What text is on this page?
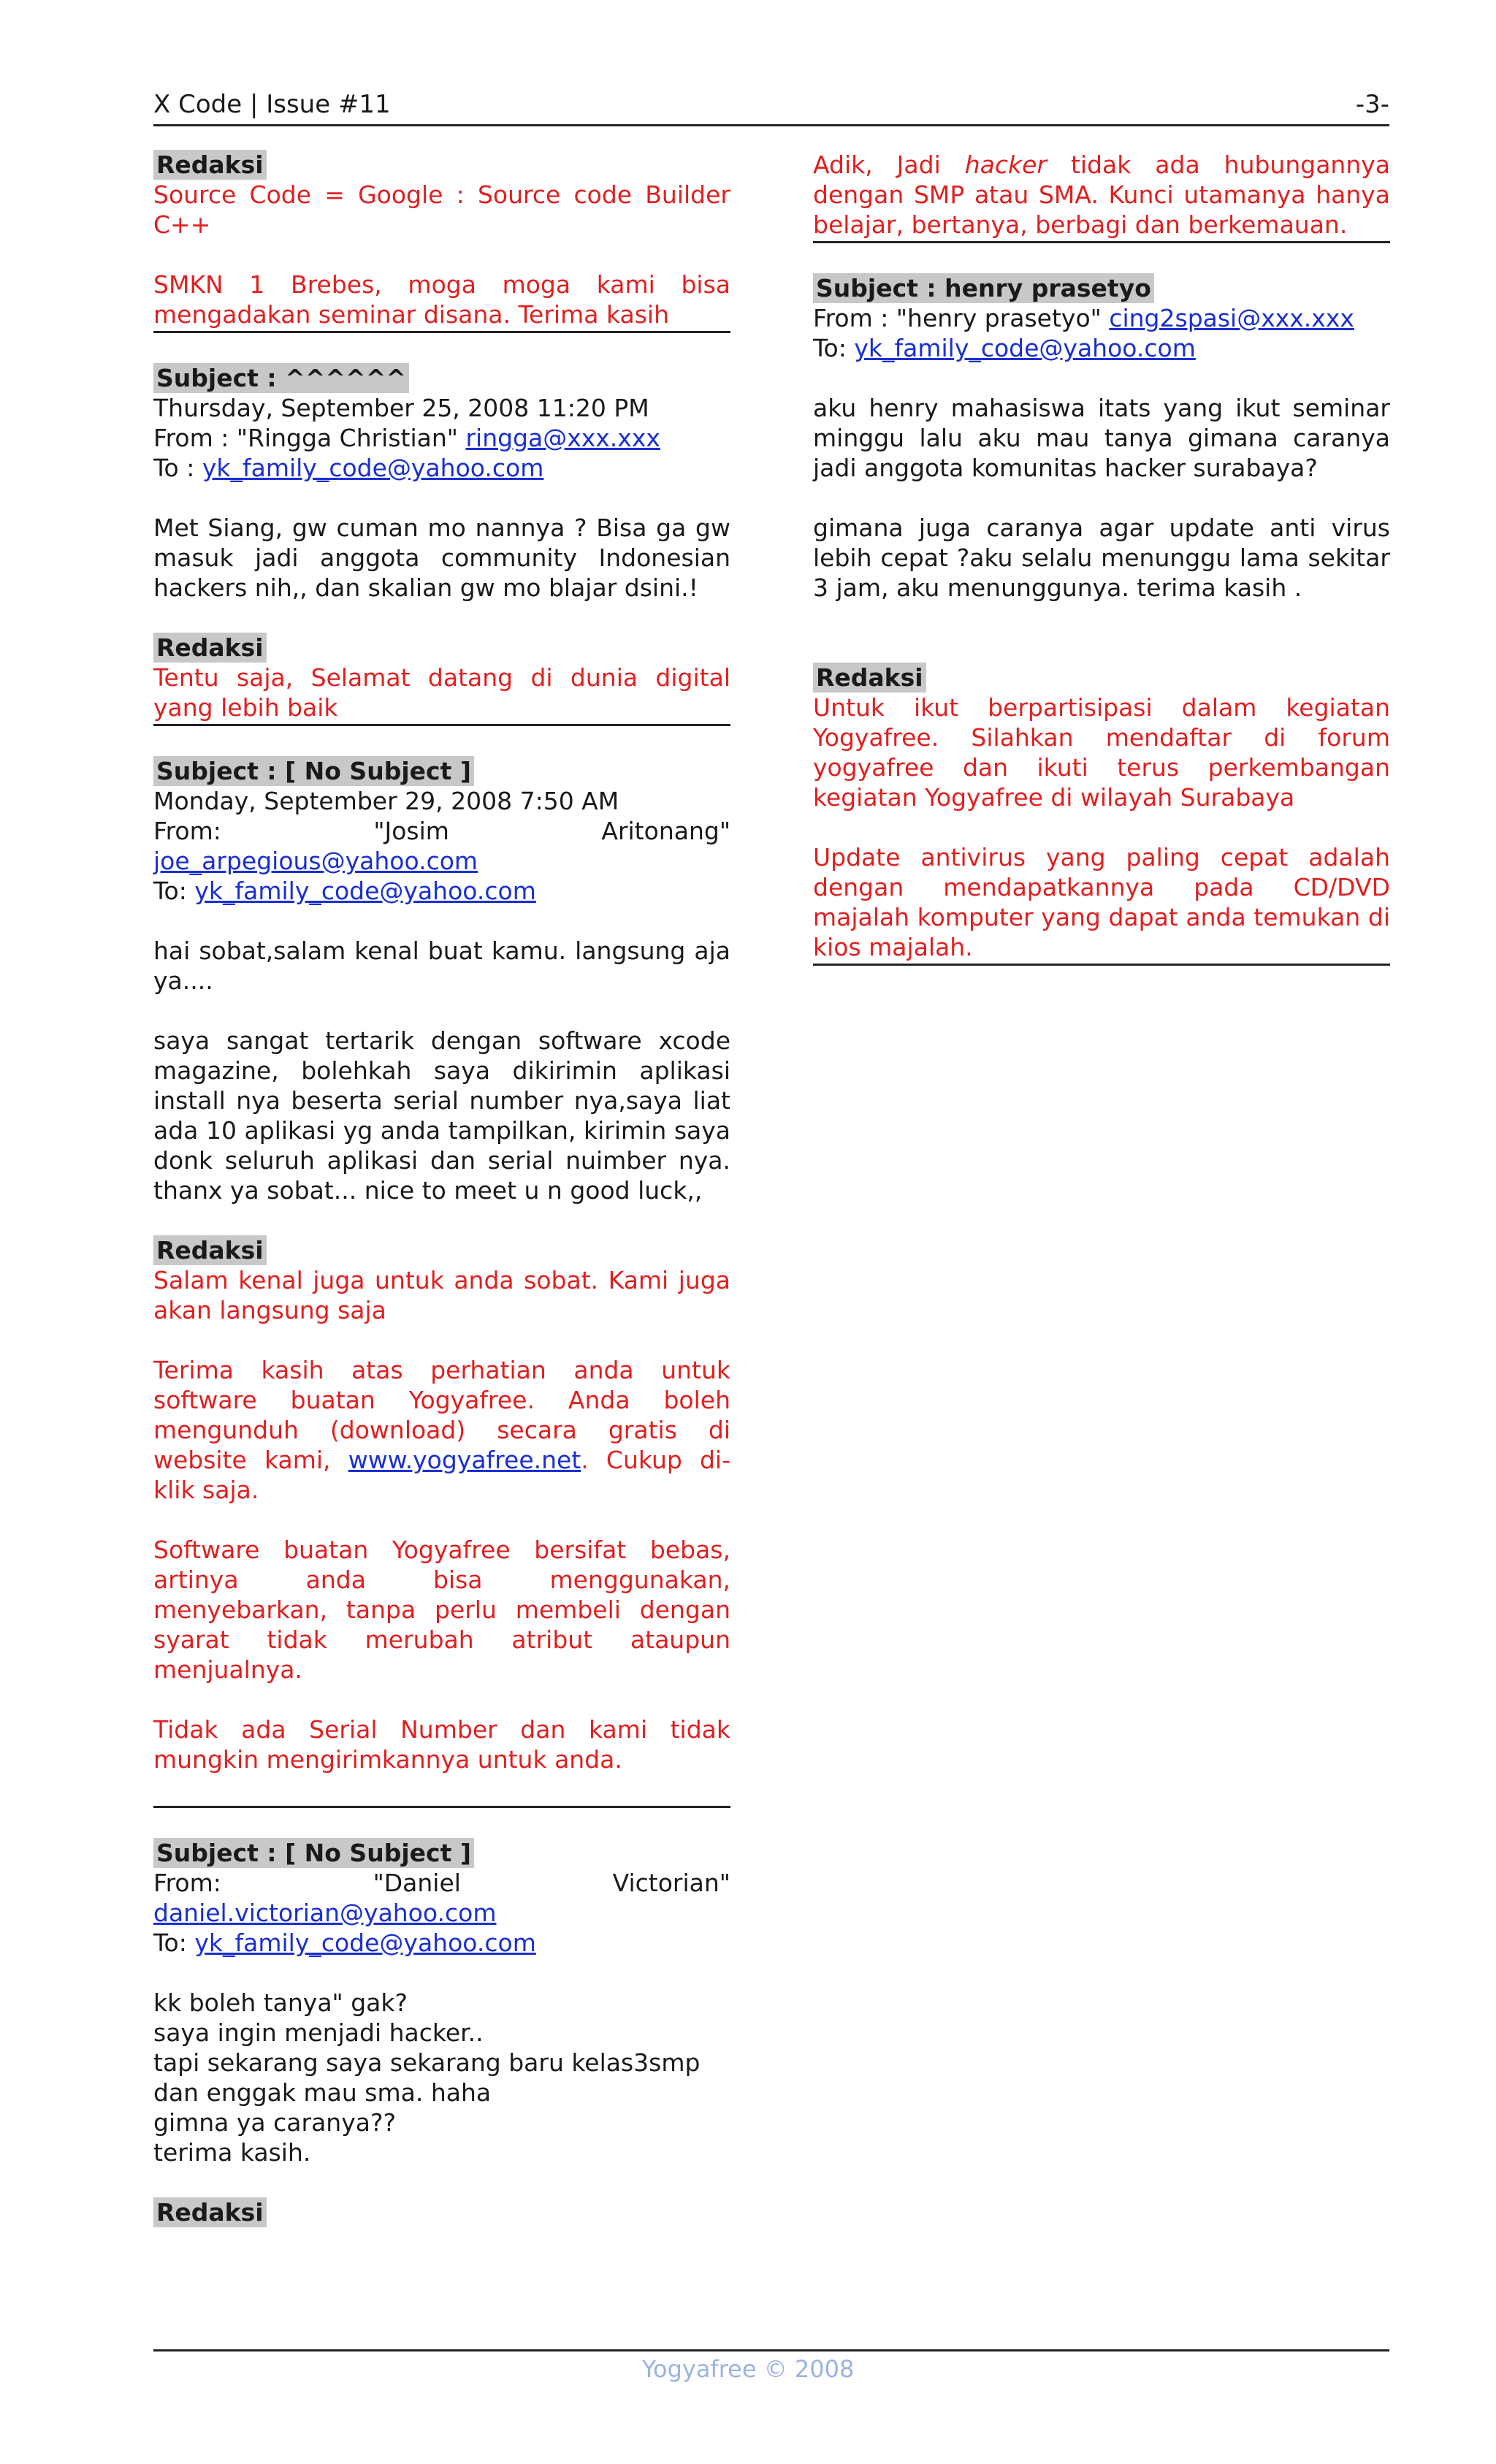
X Code | Issue #11	-3-
Redaksi
Source Code = Google : Source code Builder C++
SMKN 1 Brebes, moga moga kami bisa mengadakan seminar disana. Terima kasih
Subject : ^^^^^^
Thursday, September 25, 2008 11:20 PM
From : "Ringga Christian" ringga@xxx.xxx
To : yk_family_code@yahoo.com
Met Siang, gw cuman mo nannya ? Bisa ga gw masuk jadi anggota community Indonesian hackers nih,, dan skalian gw mo blajar dsini.!
Redaksi
Tentu saja, Selamat datang di dunia digital yang lebih baik
Subject : [ No Subject ]
Monday, September 29, 2008 7:50 AM
From:	"Josim	Aritonang"
joe_arpegious@yahoo.com
To: yk_family_code@yahoo.com
hai sobat,salam kenal buat kamu. langsung aja ya....
saya sangat tertarik dengan software xcode magazine, bolehkah saya dikirimin aplikasi install nya beserta serial number nya,saya liat ada 10 aplikasi yg anda tampilkan, kirimin saya donk seluruh aplikasi dan serial nuimber nya. thanx ya sobat... nice to meet u n good luck,,
Redaksi
Salam kenal juga untuk anda sobat. Kami juga akan langsung saja
Terima kasih atas perhatian anda untuk software buatan Yogyafree. Anda boleh mengunduh (download) secara gratis di website kami, www.yogyafree.net. Cukup di-klik saja.
Software buatan Yogyafree bersifat bebas, artinya anda bisa menggunakan, menyebarkan, tanpa perlu membeli dengan syarat tidak merubah atribut ataupun menjualnya.
Tidak ada Serial Number dan kami tidak mungkin mengirimkannya untuk anda.
Subject : [ No Subject ]
From:	"Daniel	Victorian"
daniel.victorian@yahoo.com
To: yk_family_code@yahoo.com
kk boleh tanya" gak?
saya ingin menjadi hacker..
tapi sekarang saya sekarang baru kelas3smp
dan enggak mau sma. haha
gimna ya caranya??
terima kasih.
Redaksi
Adik, Jadi hacker tidak ada hubungannya dengan SMP atau SMA. Kunci utamanya hanya belajar, bertanya, berbagi dan berkemauan.
Subject : henry prasetyo
From : "henry prasetyo" cing2spasi@xxx.xxx
To: yk_family_code@yahoo.com
aku henry mahasiswa itats yang ikut seminar minggu lalu aku mau tanya gimana caranya jadi anggota komunitas hacker surabaya?
gimana juga caranya agar update anti virus lebih cepat ?aku selalu menunggu lama sekitar 3 jam, aku menunggunya. terima kasih .
Redaksi
Untuk ikut berpartisipasi dalam kegiatan Yogyafree. Silahkan mendaftar di forum yogyafree dan ikuti terus perkembangan kegiatan Yogyafree di wilayah Surabaya
Update antivirus yang paling cepat adalah dengan mendapatkannya pada CD/DVD majalah komputer yang dapat anda temukan di kios majalah.
Yogyafree © 2008
